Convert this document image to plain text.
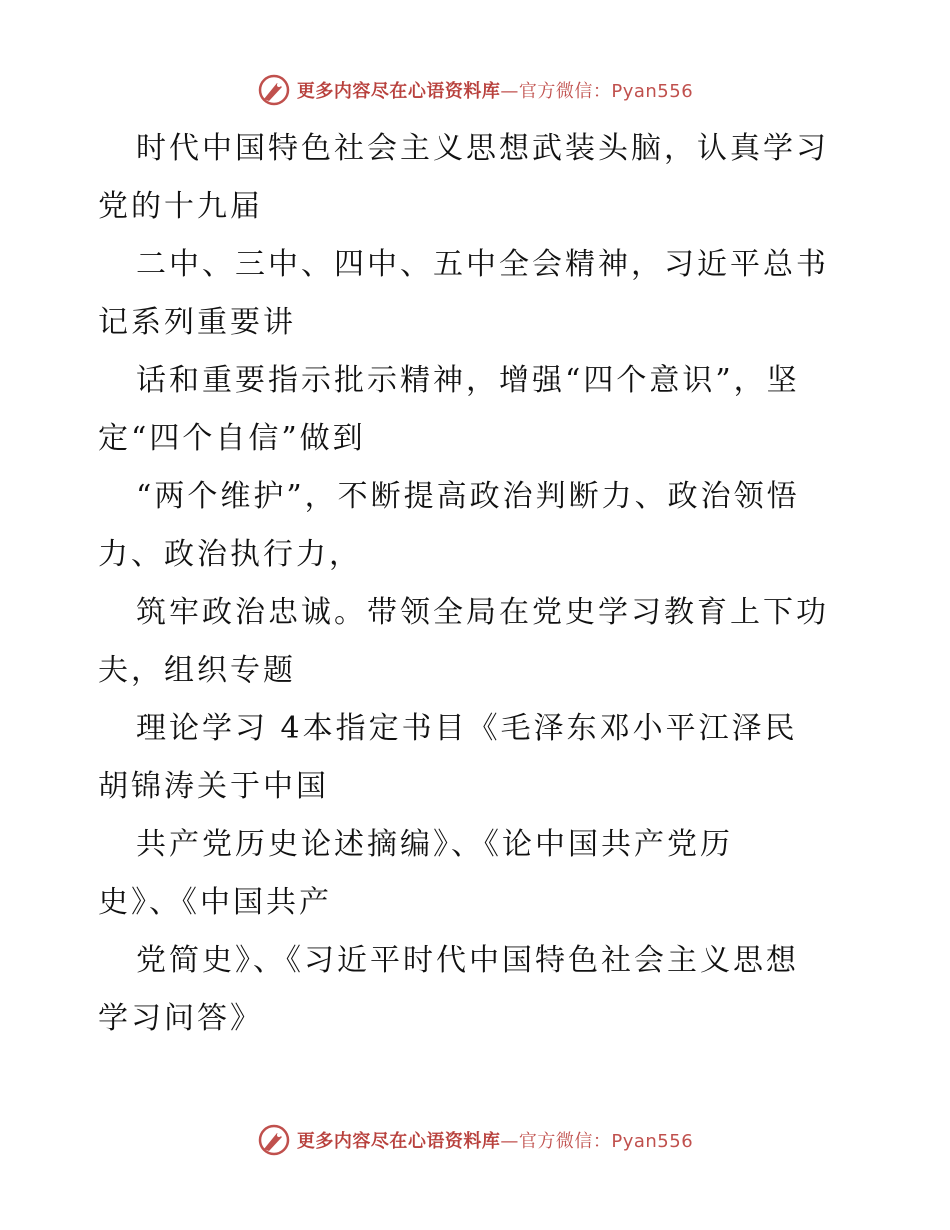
更多内容尽在心语资料库—官方微信：Pyan556
时代中国特色社会主义思想武装头脑，认真学习
党的十九届
二中、三中、四中、五中全会精神，习近平总书
记系列重要讲
话和重要指示批示精神，增强“四个意识”，坚
定“四个自信”做到
“两个维护”，不断提高政治判断力、政治领悟
力、政治执行力，
筑牢政治忠诚。带领全局在党史学习教育上下功
夫，组织专题
理论学习 4本指定书目《毛泽东邓小平江泽民
胡锦涛关于中国
共产党历史论述摘编》、《论中国共产党历
史》、《中国共产
党简史》、《习近平时代中国特色社会主义思想
学习问答》
更多内容尽在心语资料库—官方微信：Pyan556
